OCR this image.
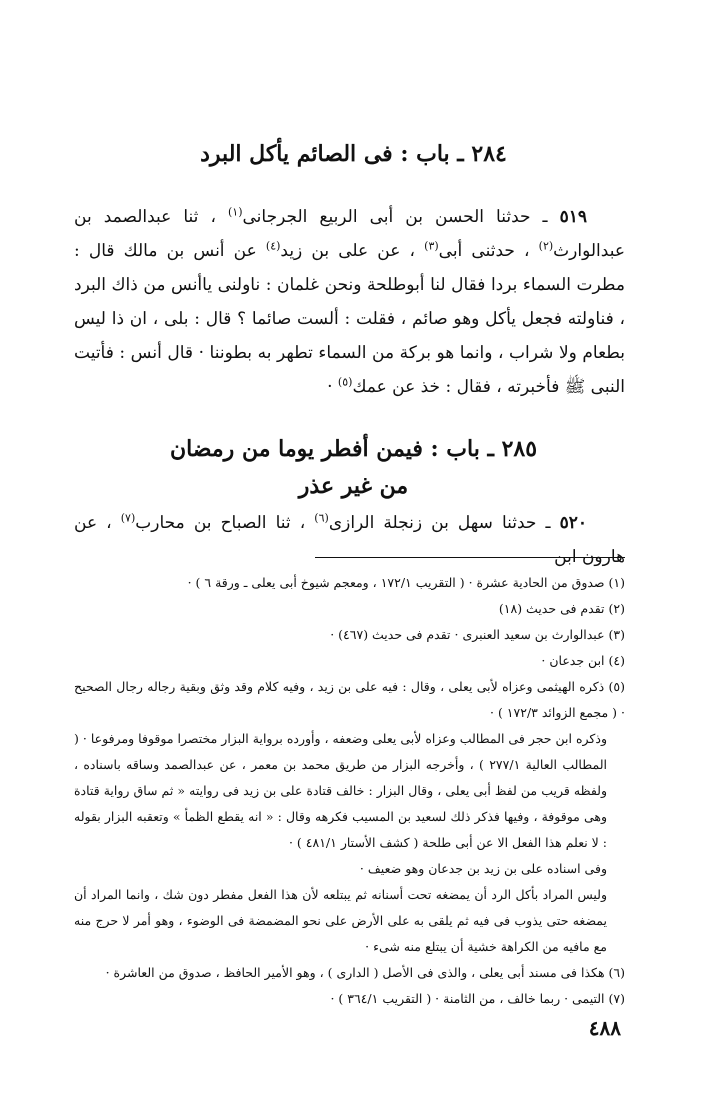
٢٨٤ ـ باب : فى الصائم يأكل البرد

٥١٩ ـ حدثنا الحسن بن أبى الربيع الجرجانى$^{(١)}$ ، ثنا عبدالصمد بن عبدالوارث$^{(٢)}$ ، حدثنى أبى$^{(٣)}$ ، عن على بن زيد$^{(٤)}$ عن أنس بن مالك قال : مطرت السماء بردا فقال لنا أبوطلحة ونحن غلمان : ناولنى ياأنس من ذاك البرد ، فناولته فجعل يأكل وهو صائم ، فقلت : ألست صائما ؟ قال : بلى ، ان ذا ليس بطعام ولا شراب ، وانما هو بركة من السماء تطهر به بطوننا · قال أنس : فأتيت النبى ﷺ فأخبرته ، فقال : خذ عن عمك$^{(٥)}$ ·

٢٨٥ ـ باب : فيمن أفطر يوما من رمضان
من غير عذر

٥٢٠ ـ حدثنا سهل بن زنجلة الرازى$^{(٦)}$ ، ثنا الصباح بن محارب$^{(٧)}$ ، عن هارون ابن

(١) صدوق من الحادية عشرة · ( التقريب ١٧٢/١ ، ومعجم شيوخ أبى يعلى ـ ورقة ٦ ) ·

(٢) تقدم فى حديث (١٨)

(٣) عبدالوارث بن سعيد العنبرى · تقدم فى حديث (٤٦٧) ·

(٤) ابن جدعان ·

(٥) ذكره الهيثمى وعزاه لأبى يعلى ، وقال : فيه على بن زيد ، وفيه كلام وقد وثق وبقية رجاله رجال الصحيح · ( مجمع الزوائد ١٧٢/٣ ) ·

وذكره ابن حجر فى المطالب وعزاه لأبى يعلى وضعفه ، وأورده برواية البزار مختصرا موقوفا ومرفوعا · ( المطالب العالية ٢٧٧/١ ) ، وأخرجه البزار من طريق محمد بن معمر ، عن عبدالصمد وساقه باسناده ، ولفظه قريب من لفظ أبى يعلى ، وقال البزار : خالف قتادة على بن زيد فى روايته « ثم ساق رواية قتادة وهى موقوفة ، وفيها فذكر ذلك لسعيد بن المسيب فكرهه وقال : « انه يقطع الظمأ » وتعقبه البزار بقوله : لا نعلم هذا الفعل الا عن أبى طلحة ( كشف الأستار ٤٨١/١ ) ·

وفى اسناده على بن زيد بن جدعان وهو ضعيف ·

وليس المراد بأكل الرد أن يمضغه تحت أسنانه ثم يبتلعه لأن هذا الفعل مفطر دون شك ، وانما المراد أن يمضغه حتى يذوب فى فيه ثم يلقى به على الأرض على نحو المضمضة فى الوضوء ، وهو أمر لا حرج منه مع مافيه من الكراهة خشية أن يبتلع منه شىء ·

(٦) هكذا فى مسند أبى يعلى ، والذى فى الأصل ( الدارى ) ، وهو الأمير الحافظ ، صدوق من العاشرة ·

(٧) التيمى · ربما خالف ، من الثامنة · ( التقريب ٣٦٤/١ ) ·

٤٨٨
